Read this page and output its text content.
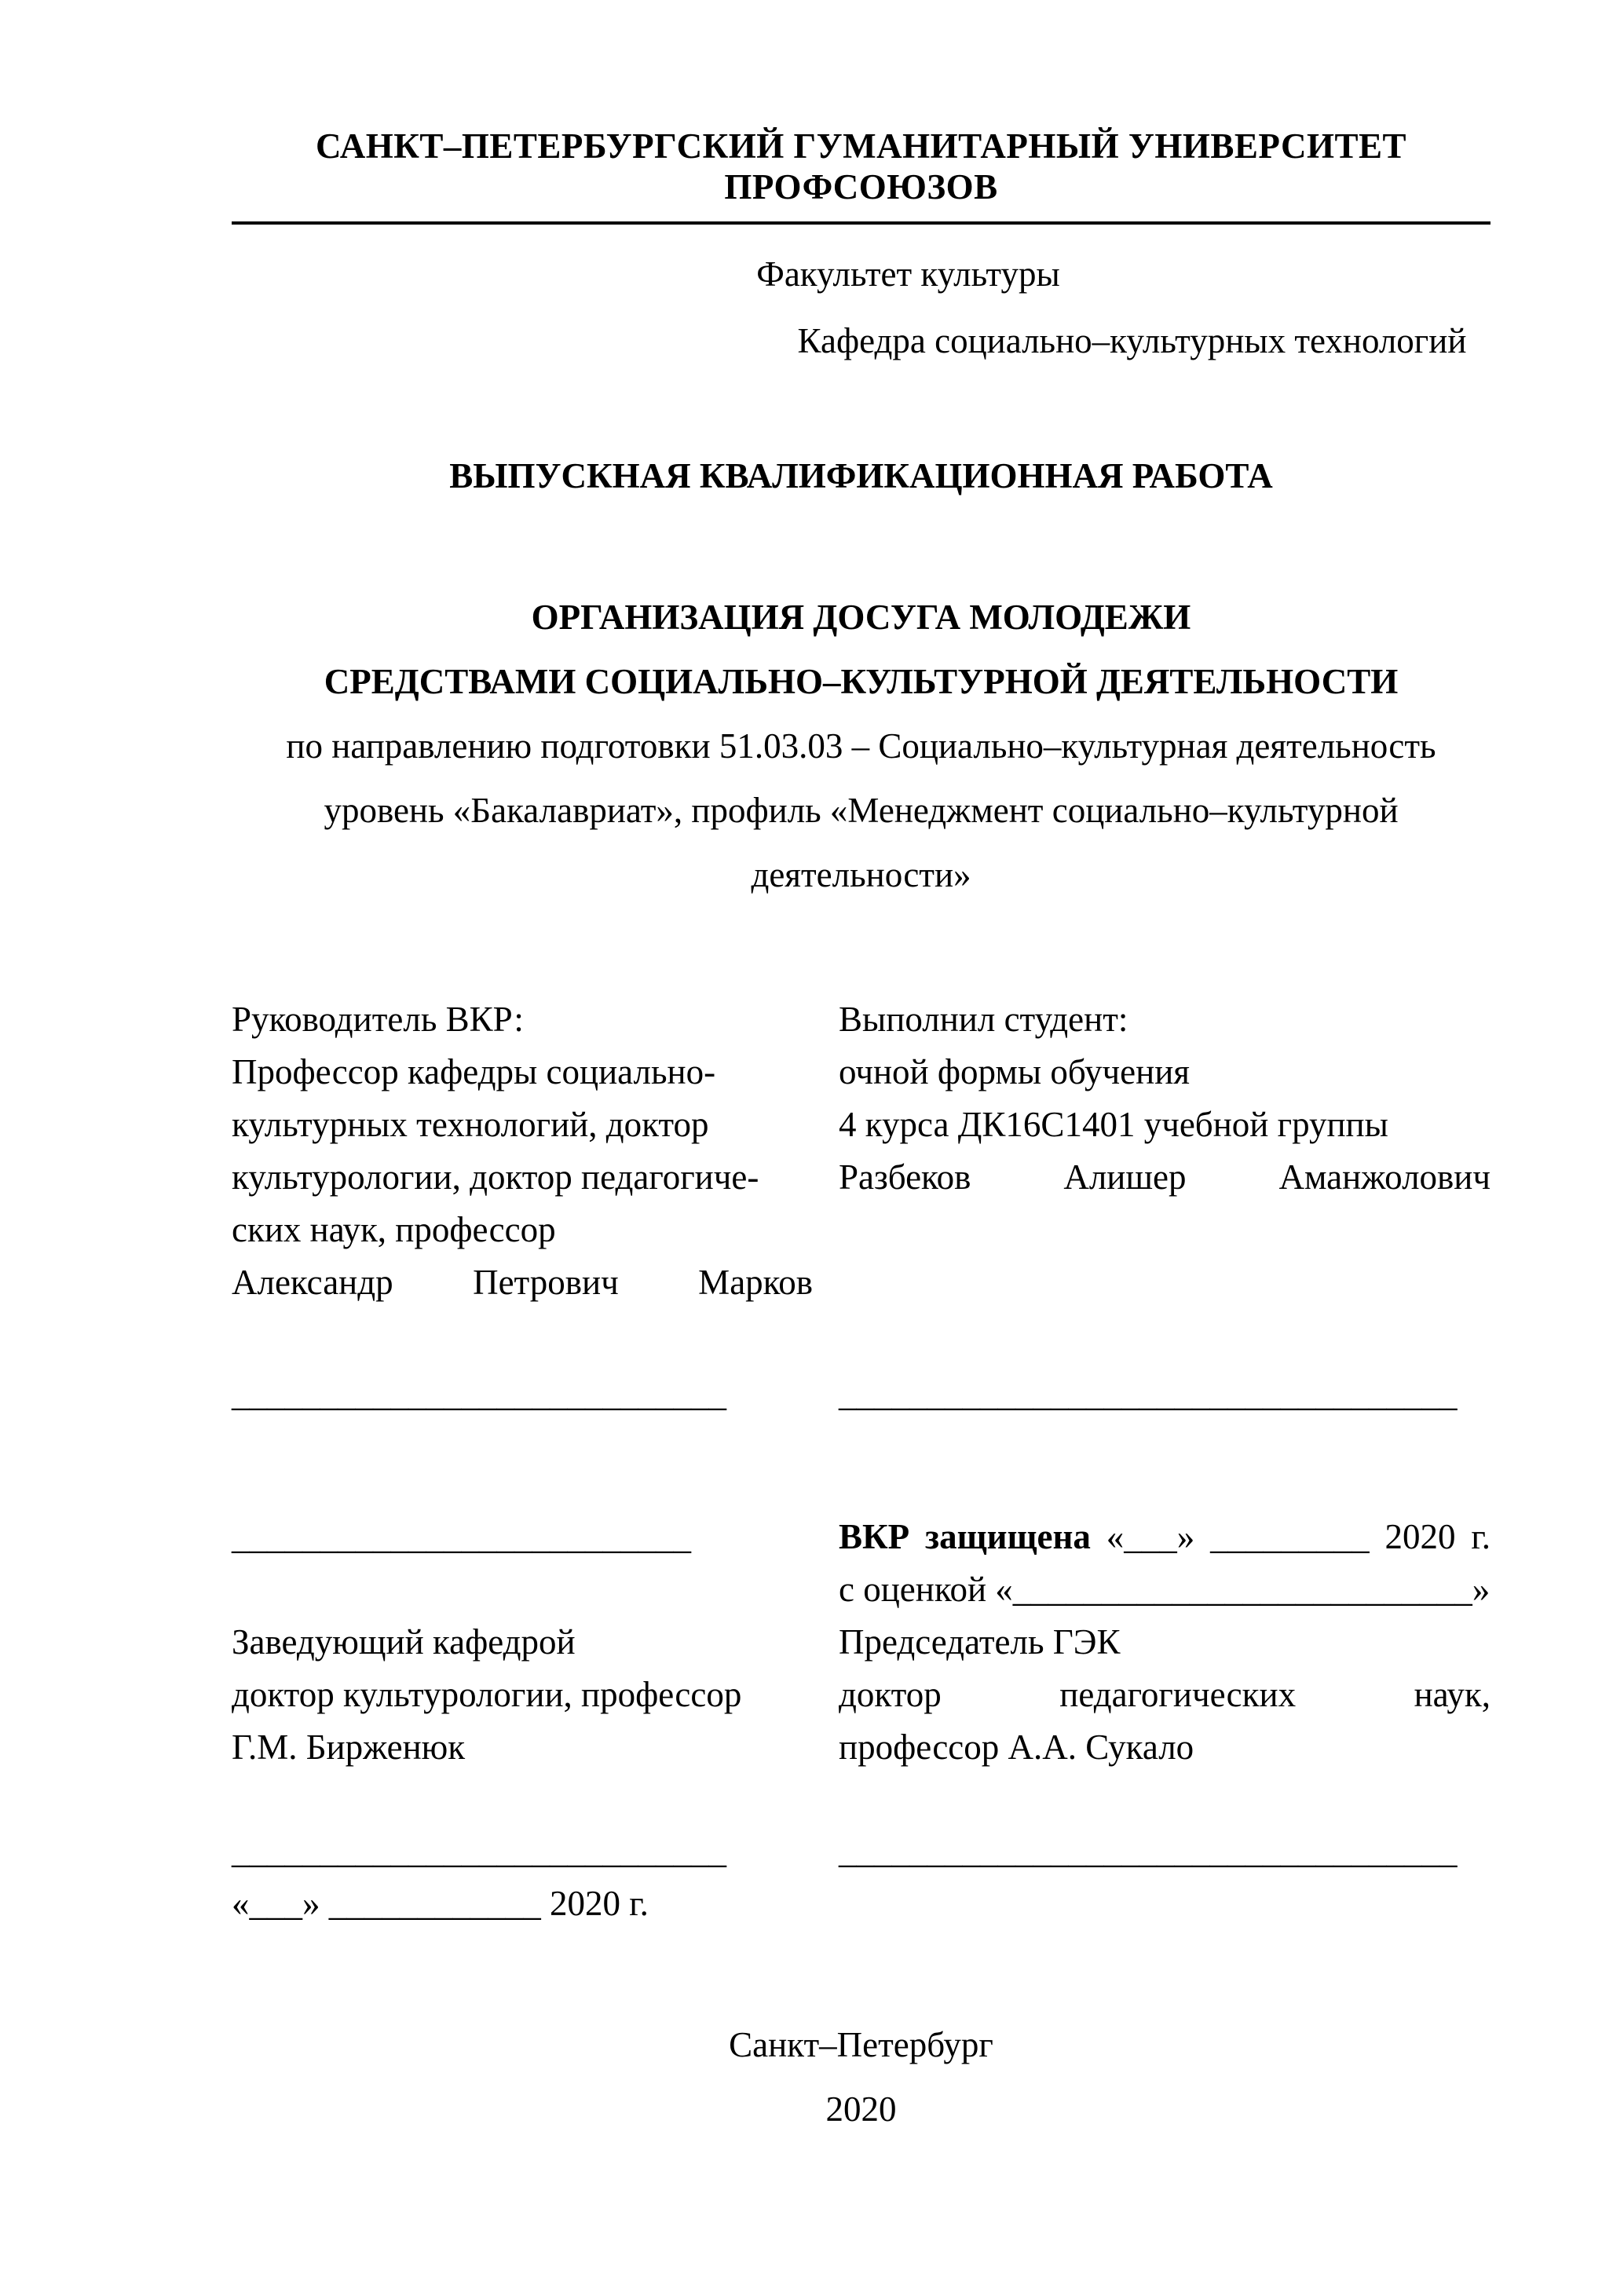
САНКТ–ПЕТЕРБУРГСКИЙ ГУМАНИТАРНЫЙ УНИВЕРСИТЕТ ПРОФСОЮЗОВ
Факультет культуры
Кафедра социально–культурных технологий
ВЫПУСКНАЯ КВАЛИФИКАЦИОННАЯ РАБОТА
ОРГАНИЗАЦИЯ ДОСУГА МОЛОДЕЖИ
СРЕДСТВАМИ СОЦИАЛЬНО–КУЛЬТУРНОЙ ДЕЯТЕЛЬНОСТИ
по направлению подготовки 51.03.03 – Социально–культурная деятельность
уровень «Бакалавриат», профиль «Менеджмент социально–культурной
деятельности»
Руководитель ВКР:
Профессор кафедры социально-
культурных технологий, доктор
культурологии, доктор педагогиче-
ских наук, профессор
Александр Петрович Марков
Выполнил студент:
очной формы обучения
4 курса ДК16С1401 учебной группы
Разбеков Алишер Аманжолович
____________________________	___________________________________
__________________________

Заведующий кафедрой
доктор культурологии, профессор
Г.М. Бирженюк
ВКР защищена «___» _________ 2020 г.
с оценкой «__________________________»
Председатель ГЭК
доктор педагогических наук,
профессор А.А. Сукало
____________________________
«___» ____________ 2020 г.
___________________________________
Санкт–Петербург
2020
